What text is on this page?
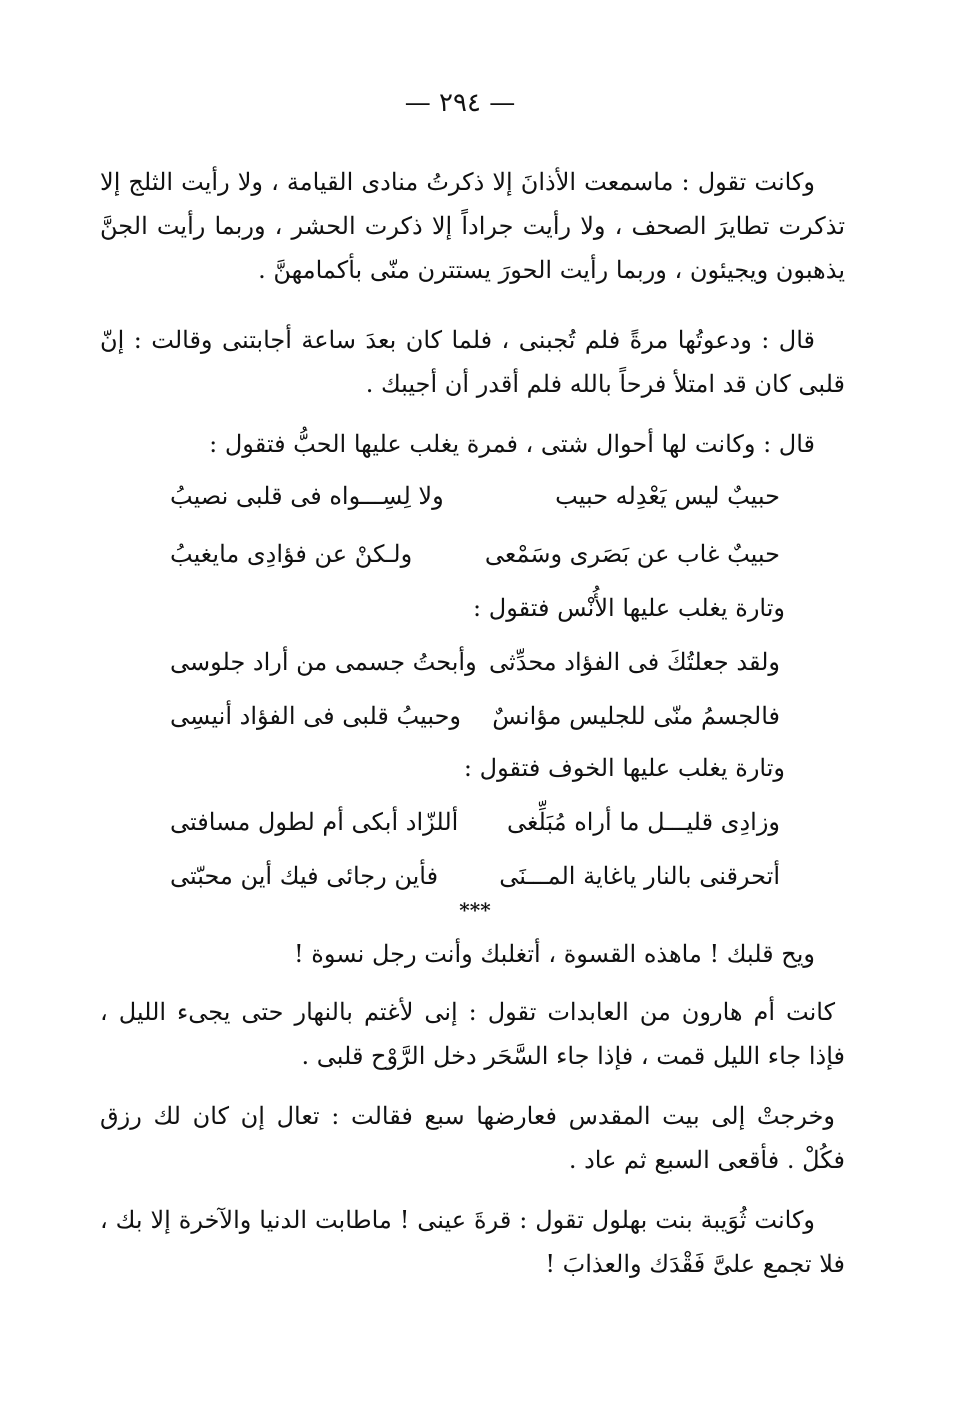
— ٢٩٤ —

وكانت تقول : ماسمعت الأذانَ إلا ذكرتُ منادى القيامة ، ولا رأيت الثلج إلا تذكرت تطايرَ الصحف ، ولا رأيت جراداً إلا ذكرت الحشر ، وربما رأيت الجنَّ يذهبون ويجيئون ، وربما رأيت الحورَ يستترن منّى بأكمامهنَّ .

قال : ودعوتُها مرةً فلم تُجبنى ، فلما كان بعدَ ساعة أجابتنى وقالت : إنّ قلبى كان قد امتلأ فرحاً بالله فلم أقدر أن أجيبك .

قال : وكانت لها أحوال شتى ، فمرة يغلب عليها الحبُّ فتقول :

حبيبٌ ليس يَعْدِله حبيب
ولا لِسِـــواه فى قلبى نصيبُ
حبيبٌ غاب عن بَصَرى وسَمْعى
ولـكنْ عن فؤادِى مايغيبُ

وتارة يغلب عليها الأُنْس فتقول :

ولقد جعلتُكَ فى الفؤاد محدِّثى
وأبحتُ جسمى من أراد جلوسى
فالجسمُ منّى للجليس مؤانسٌ
وحبيبُ قلبى فى الفؤاد أنيسِى

وتارة يغلب عليها الخوف فتقول :

وزادِى قليـــل ما أراه مُبَلِّغى
أللزّاد أبكى أم لطول مسافتى
أتحرقنى بالنار ياغاية المـــنَى
فأين رجائى فيك أين محبّتى
***

ويح قلبك ! ماهذه القسوة ، أتغلبك وأنت رجل نسوة !

كانت أم هارون من العابدات تقول : إنى لأغتم بالنهار حتى يجىء الليل ، فإذا جاء الليل قمت ، فإذا جاء السَّحَر دخل الرَّوْح قلبى .

وخرجتْ إلى بيت المقدس فعارضها سبع فقالت : تعال إن كان لك رزق فكُلْ . فأقعى السبع ثم عاد .

وكانت ثُوَيبة بنت بهلول تقول : قرةَ عينى ! ماطابت الدنيا والآخرة إلا بك ، فلا تجمع علىَّ فَقْدَك والعذابَ !
